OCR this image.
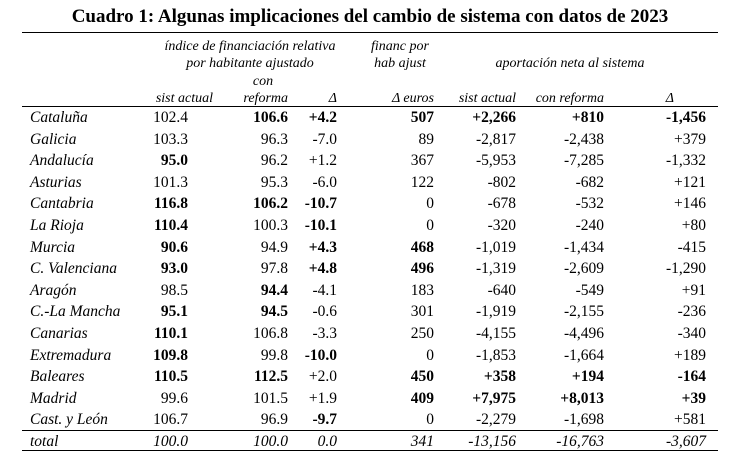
Cuadro 1: Algunas implicaciones del cambio de sistema con datos de 2023
índice de financiación relativa
por habitante ajustado
financ por
hab ajust	aportación neta al sistema
sist actual
con
reforma	Δ	Δ euros	sist actual	con reforma	Δ
Cataluña	102.4	106.6	+4.2	507	+2,266	+810	-1,456
Galicia	103.3	96.3	-7.0	89	-2,817	-2,438	+379
Andalucía	95.0	96.2	+1.2	367	-5,953	-7,285	-1,332
Asturias	101.3	95.3	-6.0	122	-802	-682	+121
Cantabria	116.8	106.2	-10.7	0	-678	-532	+146
La Rioja	110.4	100.3	-10.1	0	-320	-240	+80
Murcia	90.6	94.9	+4.3	468	-1,019	-1,434	-415
C. Valenciana	93.0	97.8	+4.8	496	-1,319	-2,609	-1,290
Aragón	98.5	94.4	-4.1	183	-640	-549	+91
C.-La Mancha	95.1	94.5	-0.6	301	-1,919	-2,155	-236
Canarias	110.1	106.8	-3.3	250	-4,155	-4,496	-340
Extremadura	109.8	99.8	-10.0	0	-1,853	-1,664	+189
Baleares	110.5	112.5	+2.0	450	+358	+194	-164
Madrid	99.6	101.5	+1.9	409	+7,975	+8,013	+39
Cast. y León	106.7	96.9	-9.7	0	-2,279	-1,698	+581
total	100.0	100.0	0.0	341	-13,156	-16,763	-3,607
